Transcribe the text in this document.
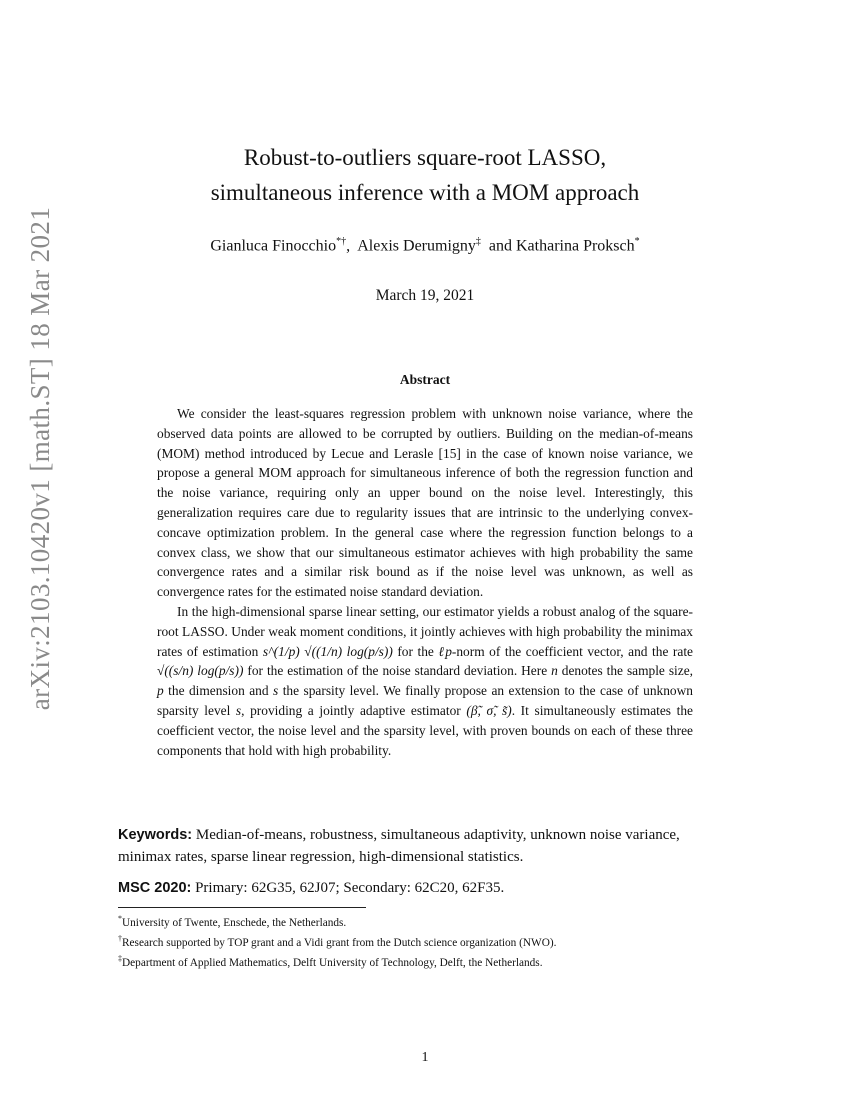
arXiv:2103.10420v1 [math.ST] 18 Mar 2021
Robust-to-outliers square-root LASSO,
simultaneous inference with a MOM approach
Gianluca Finocchio*†,  Alexis Derumigny‡  and Katharina Proksch*
March 19, 2021
Abstract

We consider the least-squares regression problem with unknown noise variance, where the observed data points are allowed to be corrupted by outliers. Building on the median-of-means (MOM) method introduced by Lecue and Lerasle [15] in the case of known noise variance, we propose a general MOM approach for simultaneous inference of both the regression function and the noise variance, requiring only an upper bound on the noise level. Interestingly, this generalization requires care due to regularity issues that are intrinsic to the underlying convex-concave optimization problem. In the general case where the regression function belongs to a convex class, we show that our simultaneous estimator achieves with high probability the same convergence rates and a similar risk bound as if the noise level was unknown, as well as convergence rates for the estimated noise standard deviation.

In the high-dimensional sparse linear setting, our estimator yields a robust analog of the square-root LASSO. Under weak moment conditions, it jointly achieves with high probability the minimax rates of estimation s^(1/p) √((1/n) log(p/s)) for the ℓp-norm of the coefficient vector, and the rate √((s/n) log(p/s)) for the estimation of the noise standard deviation. Here n denotes the sample size, p the dimension and s the sparsity level. We finally propose an extension to the case of unknown sparsity level s, providing a jointly adaptive estimator (β̃, σ̃, s̃). It simultaneously estimates the coefficient vector, the noise level and the sparsity level, with proven bounds on each of these three components that hold with high probability.

Keywords: Median-of-means, robustness, simultaneous adaptivity, unknown noise variance, minimax rates, sparse linear regression, high-dimensional statistics.
MSC 2020: Primary: 62G35, 62J07; Secondary: 62C20, 62F35.
*University of Twente, Enschede, the Netherlands.
†Research supported by TOP grant and a Vidi grant from the Dutch science organization (NWO).
‡Department of Applied Mathematics, Delft University of Technology, Delft, the Netherlands.
1
